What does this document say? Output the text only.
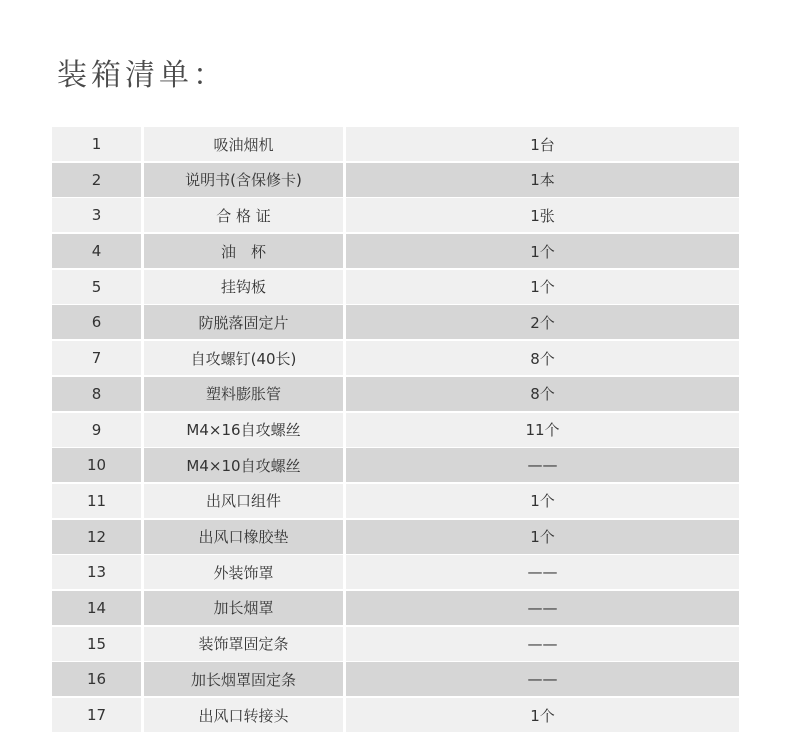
装箱清单：
1	吸油烟机	1台
2	说明书(含保修卡)	1本
3	合 格 证	1张
4	油　杯	1个
5	挂钩板	1个
6	防脱落固定片	2个
7	自攻螺钉(40长)	8个
8	塑料膨胀管	8个
9	M4×16自攻螺丝	11个
10	M4×10自攻螺丝	——
11	出风口组件	1个
12	出风口橡胶垫	1个
13	外装饰罩	——
14	加长烟罩	——
15	装饰罩固定条	——
16	加长烟罩固定条	——
17	出风口转接头	1个
